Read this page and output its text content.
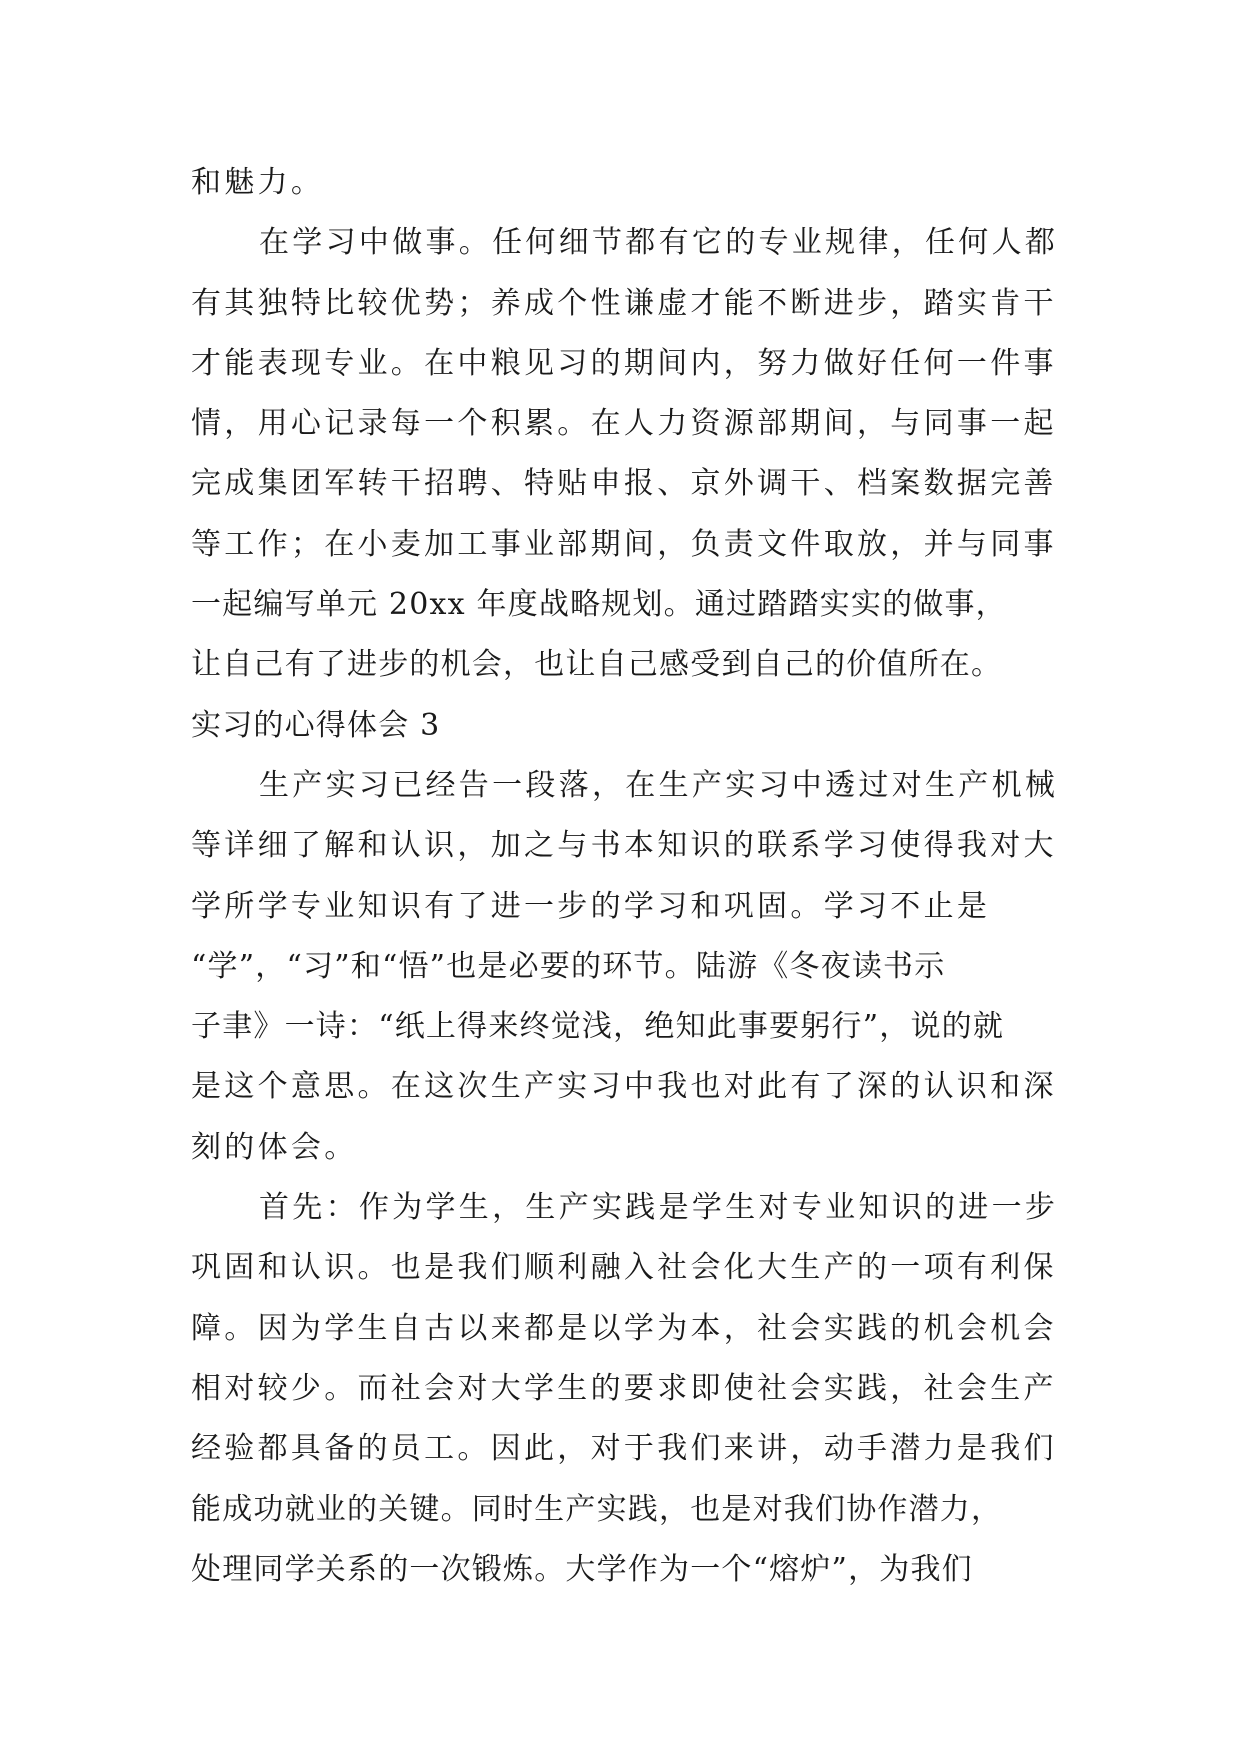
和魅力。
在学习中做事。任何细节都有它的专业规律，任何人都
有其独特比较优势；养成个性谦虚才能不断进步，踏实肯干
才能表现专业。在中粮见习的期间内，努力做好任何一件事
情，用心记录每一个积累。在人力资源部期间，与同事一起
完成集团军转干招聘、特贴申报、京外调干、档案数据完善
等工作；在小麦加工事业部期间，负责文件取放，并与同事
一起编写单元 20xx 年度战略规划。通过踏踏实实的做事，
让自己有了进步的机会，也让自己感受到自己的价值所在。
实习的心得体会 3
生产实习已经告一段落，在生产实习中透过对生产机械
等详细了解和认识，加之与书本知识的联系学习使得我对大
学所学专业知识有了进一步的学习和巩固。学习不止是
“学”，“习”和“悟”也是必要的环节。陆游《冬夜读书示
子聿》一诗：“纸上得来终觉浅，绝知此事要躬行”，说的就
是这个意思。在这次生产实习中我也对此有了深的认识和深
刻的体会。
首先：作为学生，生产实践是学生对专业知识的进一步
巩固和认识。也是我们顺利融入社会化大生产的一项有利保
障。因为学生自古以来都是以学为本，社会实践的机会机会
相对较少。而社会对大学生的要求即使社会实践，社会生产
经验都具备的员工。因此，对于我们来讲，动手潜力是我们
能成功就业的关键。同时生产实践，也是对我们协作潜力，
处理同学关系的一次锻炼。大学作为一个“熔炉”，为我们
